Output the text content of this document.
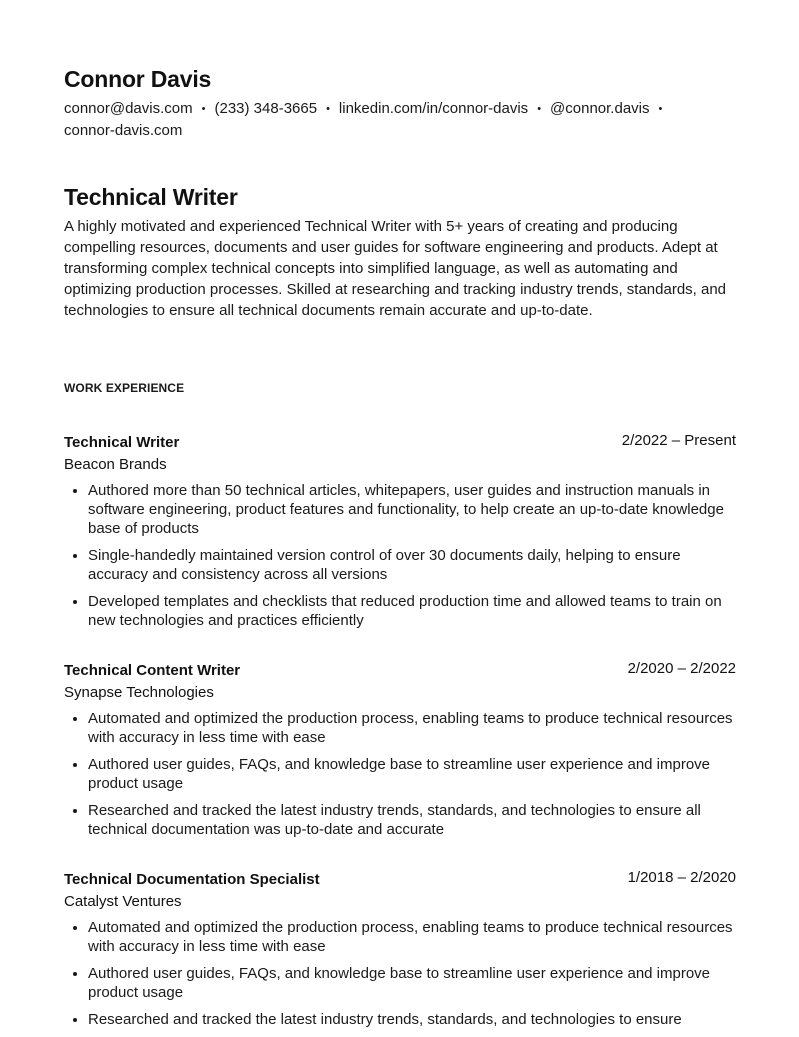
Connor Davis
connor@davis.com • (233) 348-3665 • linkedin.com/in/connor-davis • @connor.davis •
connor-davis.com
Technical Writer

A highly motivated and experienced Technical Writer with 5+ years of creating and producing compelling resources, documents and user guides for software engineering and products. Adept at transforming complex technical concepts into simplified language, as well as automating and optimizing production processes. Skilled at researching and tracking industry trends, standards, and technologies to ensure all technical documents remain accurate and up-to-date.

WORK EXPERIENCE
Technical Writer	2/2022 – Present
Beacon Brands
• Authored more than 50 technical articles, whitepapers, user guides and instruction manuals in software engineering, product features and functionality, to help create an up-to-date knowledge base of products
• Single-handedly maintained version control of over 30 documents daily, helping to ensure accuracy and consistency across all versions
• Developed templates and checklists that reduced production time and allowed teams to train on new technologies and practices efficiently
Technical Content Writer	2/2020 – 2/2022
Synapse Technologies
• Automated and optimized the production process, enabling teams to produce technical resources with accuracy in less time with ease
• Authored user guides, FAQs, and knowledge base to streamline user experience and improve product usage
• Researched and tracked the latest industry trends, standards, and technologies to ensure all technical documentation was up-to-date and accurate
Technical Documentation Specialist	1/2018 – 2/2020
Catalyst Ventures
• Automated and optimized the production process, enabling teams to produce technical resources with accuracy in less time with ease
• Authored user guides, FAQs, and knowledge base to streamline user experience and improve product usage
• Researched and tracked the latest industry trends, standards, and technologies to ensure
